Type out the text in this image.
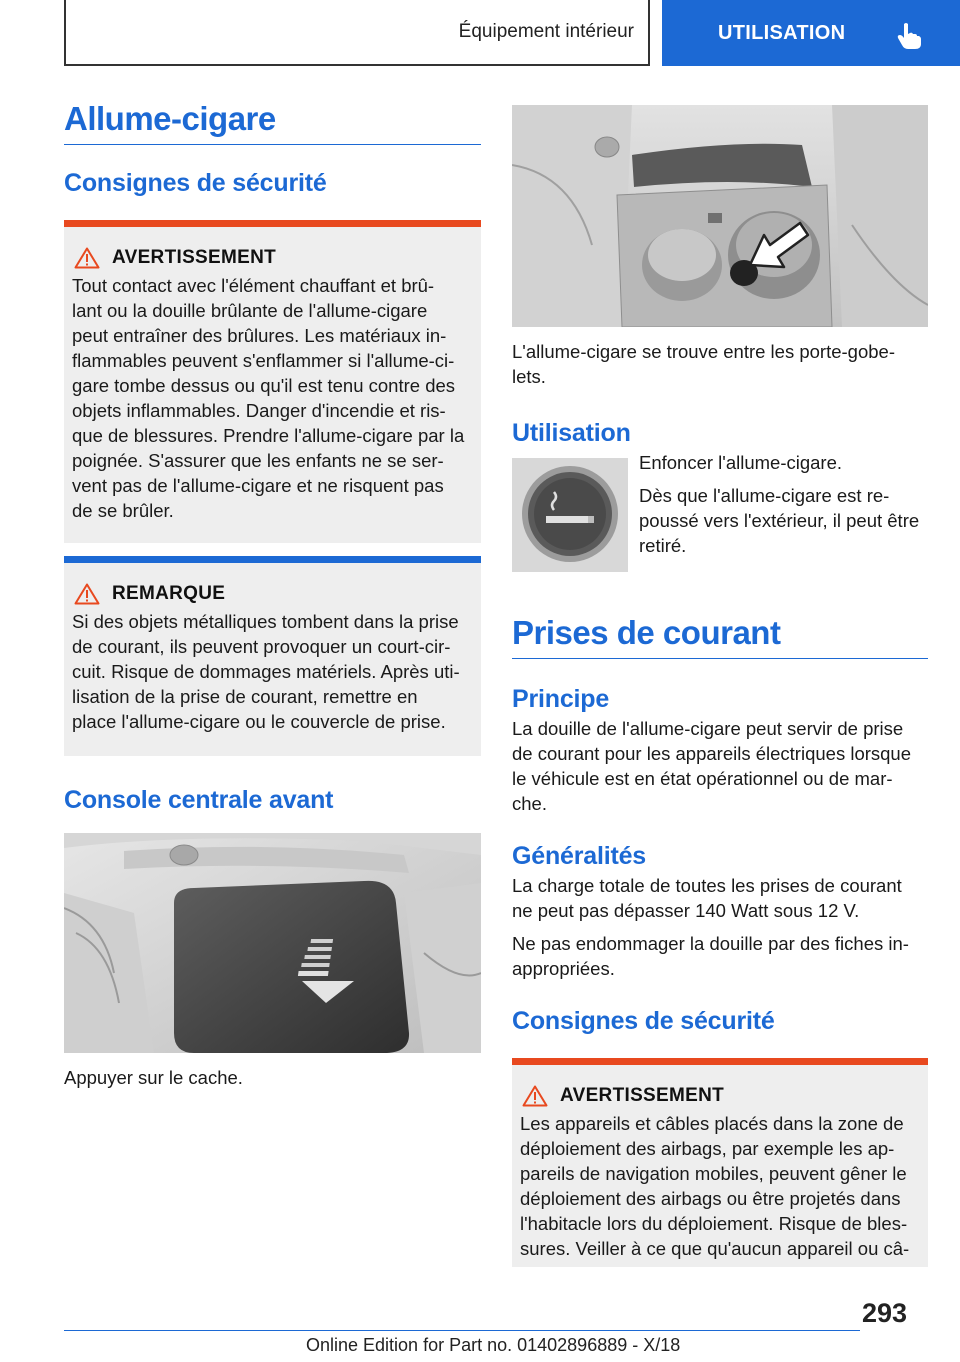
Équipement intérieur	UTILISATION
Allume-cigare
Consignes de sécurité
AVERTISSEMENT
Tout contact avec l'élément chauffant et brû‐
lant ou la douille brûlante de l'allume-cigare
peut entraîner des brûlures. Les matériaux in‐
flammables peuvent s'enflammer si l'allume-ci‐
gare tombe dessus ou qu'il est tenu contre des
objets inflammables. Danger d'incendie et ris‐
que de blessures. Prendre l'allume-cigare par la
poignée. S'assurer que les enfants ne se ser‐
vent pas de l'allume-cigare et ne risquent pas
de se brûler.
REMARQUE
Si des objets métalliques tombent dans la prise
de courant, ils peuvent provoquer un court-cir‐
cuit. Risque de dommages matériels. Après uti‐
lisation de la prise de courant, remettre en
place l'allume-cigare ou le couvercle de prise.
Console centrale avant
Appuyer sur le cache.
L'allume-cigare se trouve entre les porte-gobe‐
lets.
Utilisation
Enfoncer l'allume-cigare.
Dès que l'allume-cigare est re‐
poussé vers l'extérieur, il peut être
retiré.
Prises de courant
Principe
La douille de l'allume-cigare peut servir de prise
de courant pour les appareils électriques lorsque
le véhicule est en état opérationnel ou de mar‐
che.
Généralités
La charge totale de toutes les prises de courant
ne peut pas dépasser 140 Watt sous 12 V.
Ne pas endommager la douille par des fiches in‐
appropriées.
Consignes de sécurité
AVERTISSEMENT
Les appareils et câbles placés dans la zone de
déploiement des airbags, par exemple les ap‐
pareils de navigation mobiles, peuvent gêner le
déploiement des airbags ou être projetés dans
l'habitacle lors du déploiement. Risque de bles‐
sures. Veiller à ce que qu'aucun appareil ou câ‐
293
Online Edition for Part no. 01402896889 - X/18
